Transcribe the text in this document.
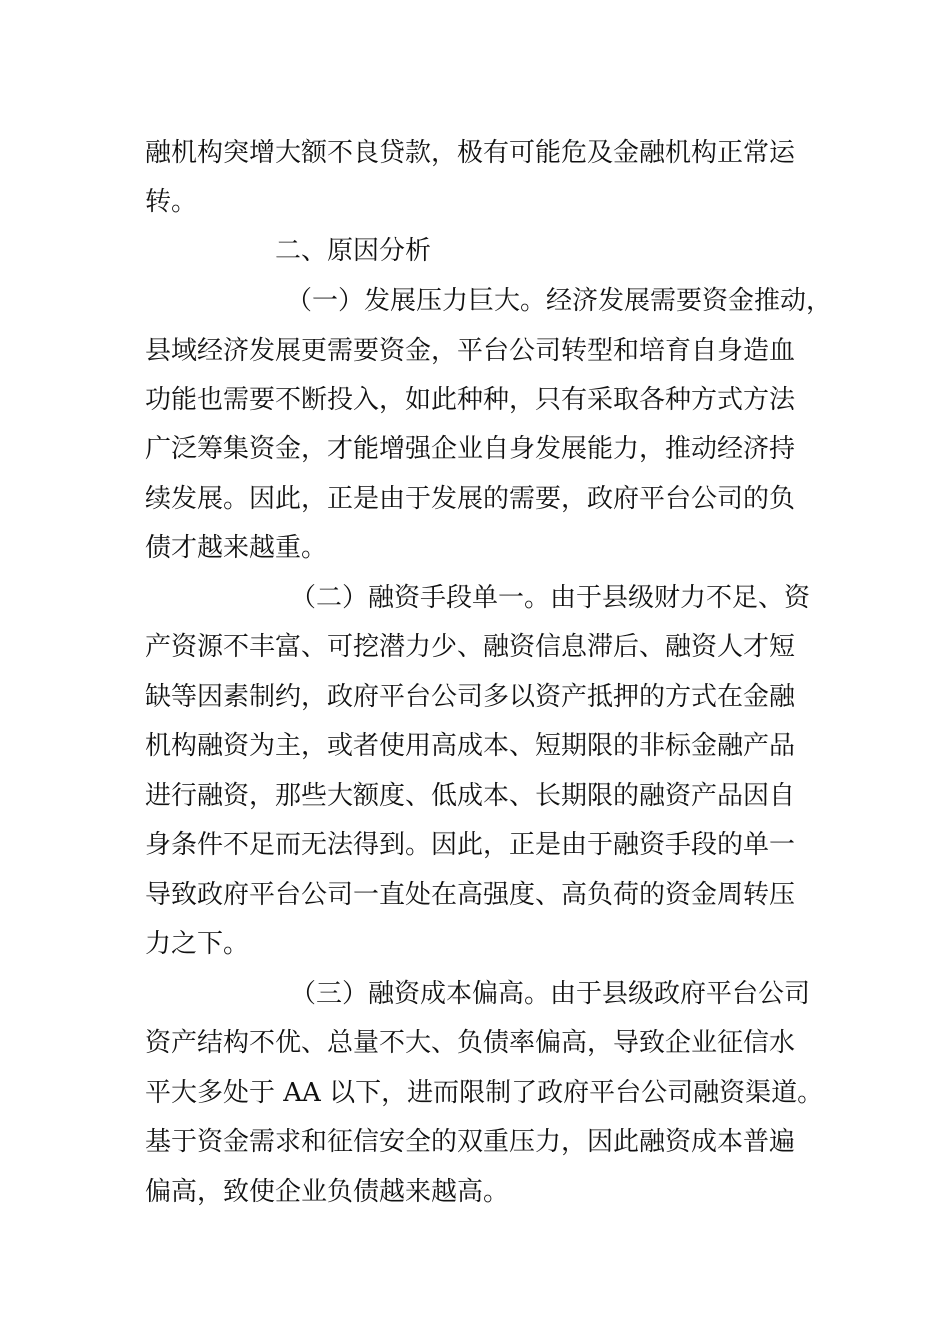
融机构突增大额不良贷款，极有可能危及金融机构正常运

转。

二、原因分析

（一）发展压力巨大。经济发展需要资金推动，

县域经济发展更需要资金，平台公司转型和培育自身造血

功能也需要不断投入，如此种种，只有采取各种方式方法

广泛筹集资金，才能增强企业自身发展能力，推动经济持

续发展。因此，正是由于发展的需要，政府平台公司的负

债才越来越重。

（二）融资手段单一。由于县级财力不足、资

产资源不丰富、可挖潜力少、融资信息滞后、融资人才短

缺等因素制约，政府平台公司多以资产抵押的方式在金融

机构融资为主，或者使用高成本、短期限的非标金融产品

进行融资，那些大额度、低成本、长期限的融资产品因自

身条件不足而无法得到。因此，正是由于融资手段的单一

导致政府平台公司一直处在高强度、高负荷的资金周转压

力之下。

（三）融资成本偏高。由于县级政府平台公司

资产结构不优、总量不大、负债率偏高，导致企业征信水

平大多处于 AA 以下，进而限制了政府平台公司融资渠道。

基于资金需求和征信安全的双重压力，因此融资成本普遍

偏高，致使企业负债越来越高。
